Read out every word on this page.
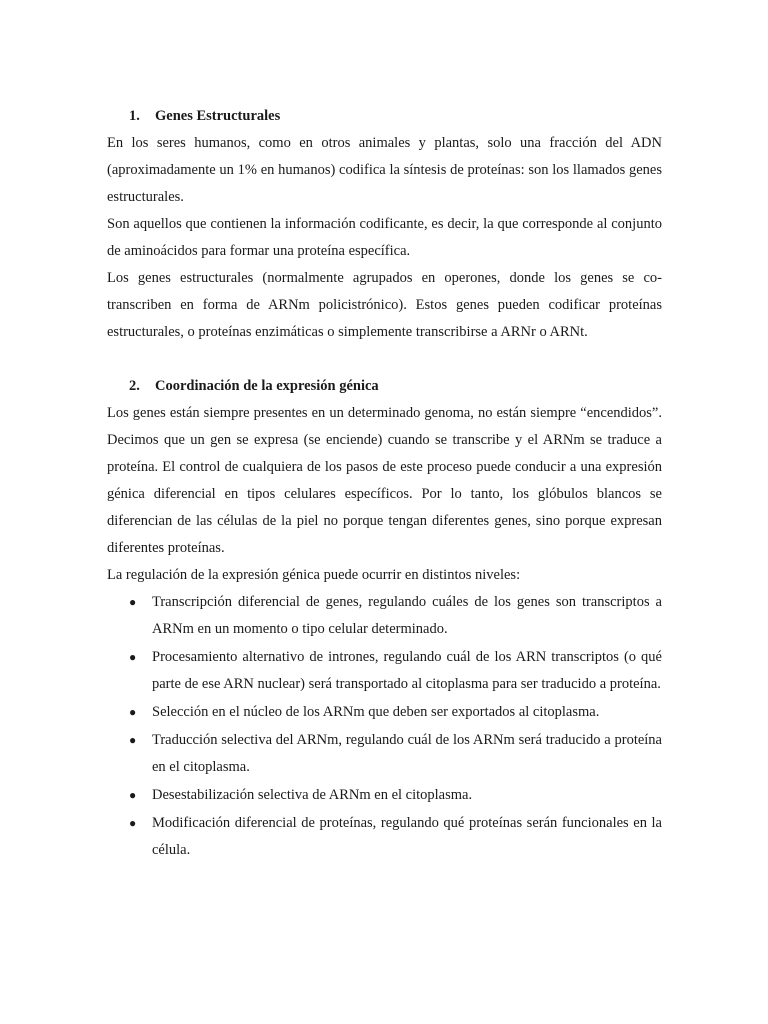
1.	Genes Estructurales

En los seres humanos, como en otros animales y plantas, solo una fracción del ADN (aproximadamente un 1% en humanos) codifica la síntesis de proteínas: son los llamados genes estructurales.

Son aquellos que contienen la información codificante, es decir, la que corresponde al conjunto de aminoácidos para formar una proteína específica.

Los genes estructurales (normalmente agrupados en operones, donde los genes se co-transcriben en forma de ARNm policistrónico). Estos genes pueden codificar proteínas estructurales, o proteínas enzimáticas o simplemente transcribirse a ARNr o ARNt.

2.	Coordinación de la expresión génica

Los genes están siempre presentes en un determinado genoma, no están siempre “encendidos”. Decimos que un gen se expresa (se enciende) cuando se transcribe y el ARNm se traduce a proteína. El control de cualquiera de los pasos de este proceso puede conducir a una expresión génica diferencial en tipos celulares específicos. Por lo tanto, los glóbulos blancos se diferencian de las células de la piel no porque tengan diferentes genes, sino porque expresan diferentes proteínas.

La regulación de la expresión génica puede ocurrir en distintos niveles:

● Transcripción diferencial de genes, regulando cuáles de los genes son transcriptos a ARNm en un momento o tipo celular determinado.
● Procesamiento alternativo de intrones, regulando cuál de los ARN transcriptos (o qué parte de ese ARN nuclear) será transportado al citoplasma para ser traducido a proteína.
● Selección en el núcleo de los ARNm que deben ser exportados al citoplasma.
● Traducción selectiva del ARNm, regulando cuál de los ARNm será traducido a proteína en el citoplasma.
● Desestabilización selectiva de ARNm en el citoplasma.
● Modificación diferencial de proteínas, regulando qué proteínas serán funcionales en la célula.
